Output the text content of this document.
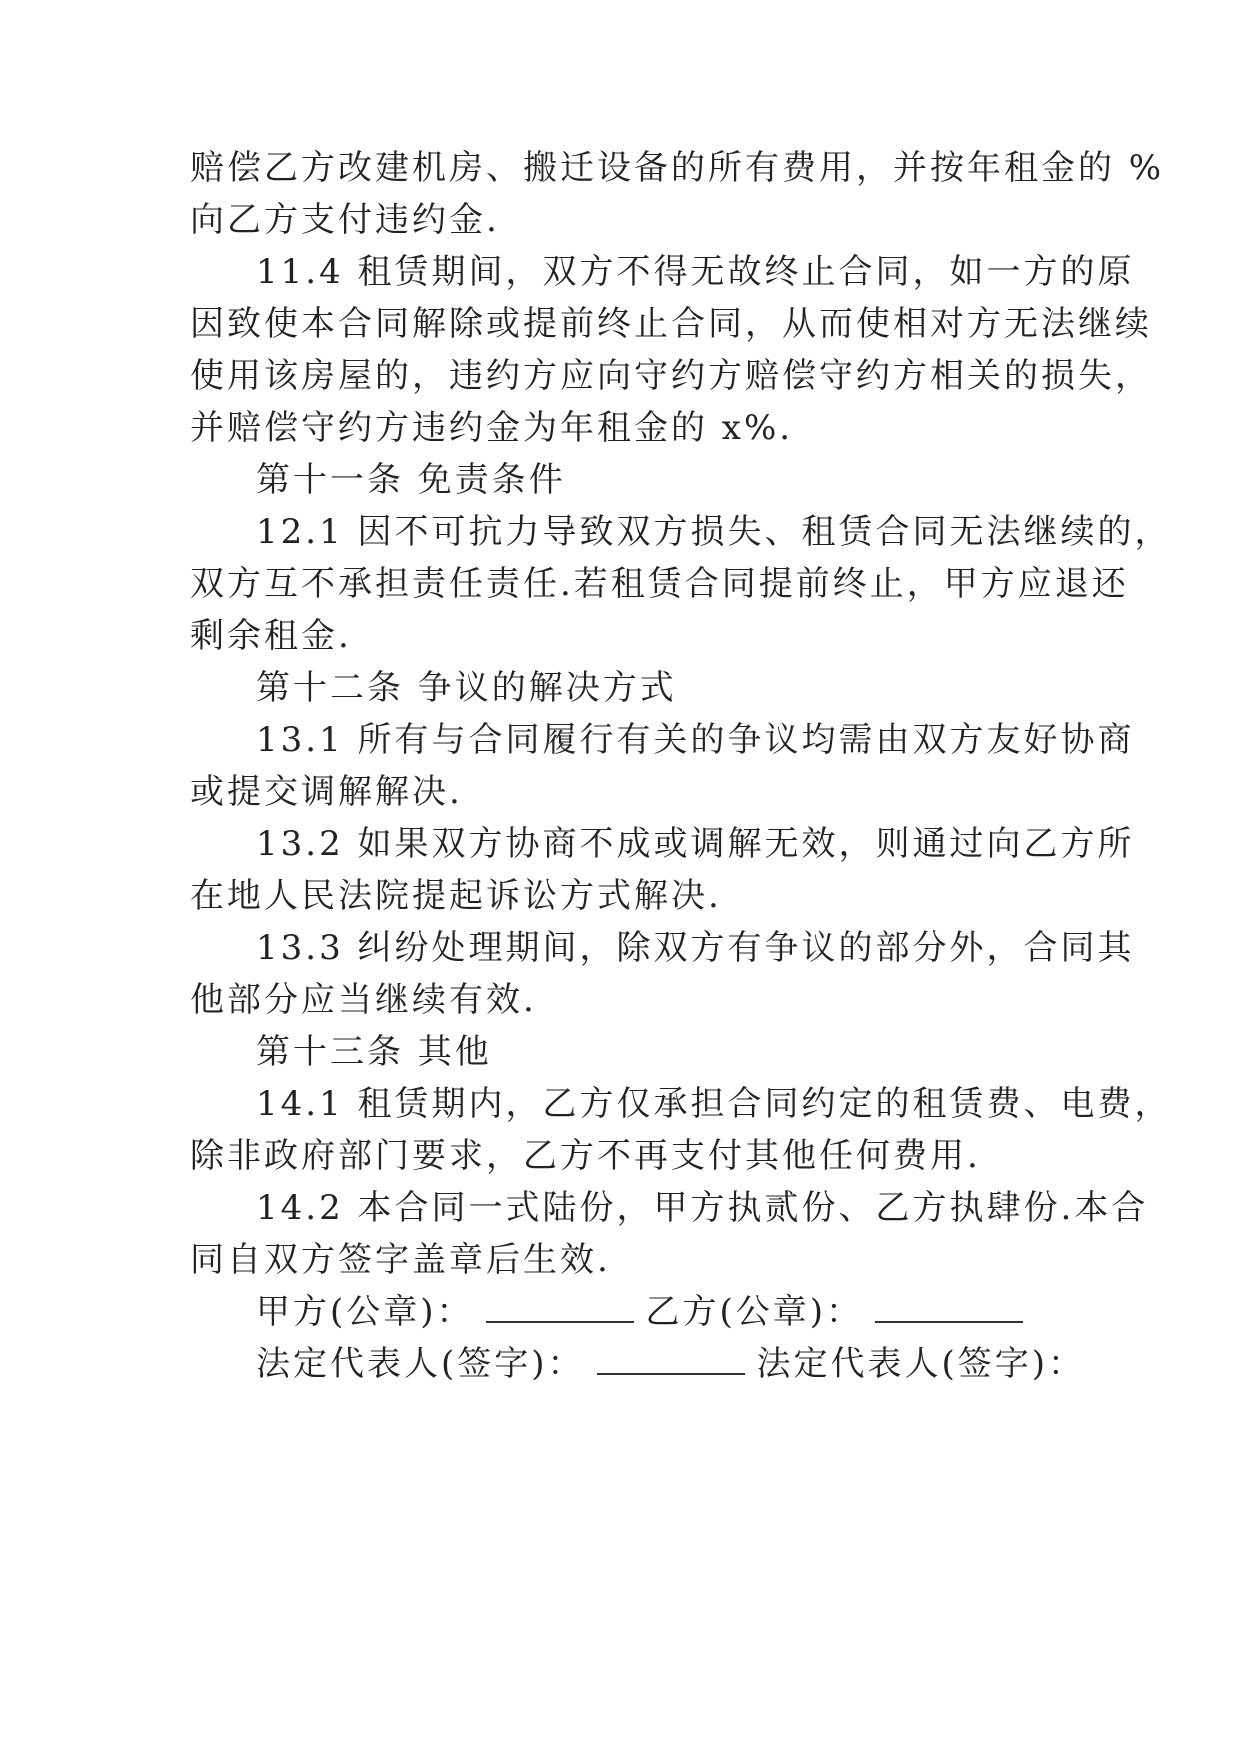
赔偿乙方改建机房、搬迁设备的所有费用，并按年租金的 %
向乙方支付违约金.
11.4 租赁期间，双方不得无故终止合同，如一方的原
因致使本合同解除或提前终止合同，从而使相对方无法继续
使用该房屋的，违约方应向守约方赔偿守约方相关的损失，
并赔偿守约方违约金为年租金的 x%.
第十一条 免责条件
12.1 因不可抗力导致双方损失、租赁合同无法继续的，
双方互不承担责任责任.若租赁合同提前终止，甲方应退还
剩余租金.
第十二条 争议的解决方式
13.1 所有与合同履行有关的争议均需由双方友好协商
或提交调解解决.
13.2 如果双方协商不成或调解无效，则通过向乙方所
在地人民法院提起诉讼方式解决.
13.3 纠纷处理期间，除双方有争议的部分外，合同其
他部分应当继续有效.
第十三条 其他
14.1 租赁期内，乙方仅承担合同约定的租赁费、电费，
除非政府部门要求，乙方不再支付其他任何费用.
14.2 本合同一式陆份，甲方执贰份、乙方执肆份.本合
同自双方签字盖章后生效.
甲方(公章)：	乙方(公章)：
法定代表人(签字)：	法定代表人(签字)：
